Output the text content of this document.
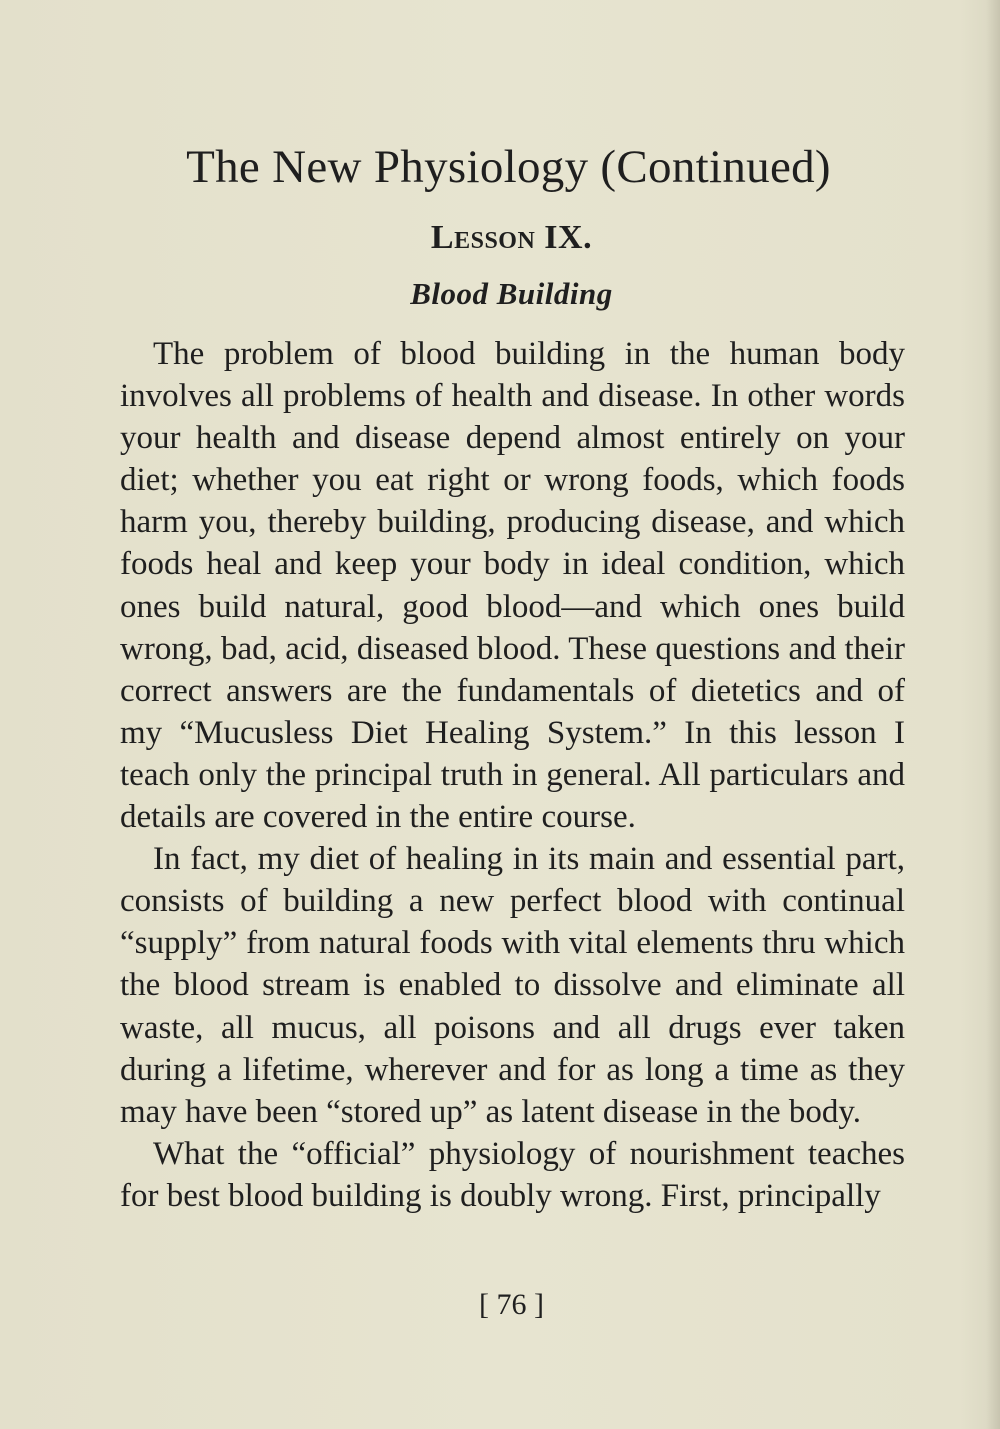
The New Physiology (Continued)
Lesson IX.
Blood Building

The problem of blood building in the human body involves all problems of health and disease. In other words your health and disease depend almost entirely on your diet; whether you eat right or wrong foods, which foods harm you, thereby building, producing disease, and which foods heal and keep your body in ideal condition, which ones build natural, good blood—and which ones build wrong, bad, acid, diseased blood. These questions and their correct answers are the fundamentals of dietetics and of my “Mucusless Diet Healing System.” In this lesson I teach only the principal truth in general. All particulars and details are covered in the entire course.

In fact, my diet of healing in its main and essential part, consists of building a new perfect blood with continual “supply” from natural foods with vital elements thru which the blood stream is enabled to dissolve and eliminate all waste, all mucus, all poisons and all drugs ever taken during a lifetime, wherever and for as long a time as they may have been “stored up” as latent disease in the body.

What the “official” physiology of nourishment teaches for best blood building is doubly wrong. First, principally

[ 76 ]
